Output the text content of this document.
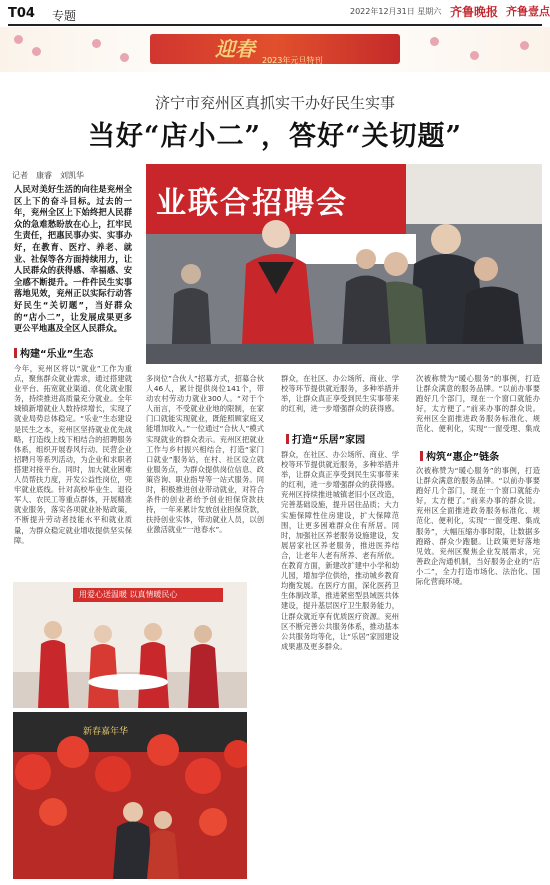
T04 专题	2022年12月31日 星期六 齐鲁晚报 齐鲁壹点
迎春 2023年元旦特刊
济宁市兖州区真抓实干办好民生实事
当好“店小二”，答好“关切题”
记者　康睿　刘凯华
人民对美好生活的向往是兖州全区上下的奋斗目标。过去的一年，兖州全区上下始终把人民群众的急难愁盼放在心上，扛牢民生责任，把惠民事办实、实事办好，在教育、医疗、养老、就业、社保等各方面持续用力，让人民群众的获得感、幸福感、安全感不断提升。一件件民生实事落地见效，兖州正以实际行动答好民生“关切题”，当好群众的“店小二”，让发展成果更多更公平地惠及全区人民群众。
业联合招聘会
构建“乐业”生态
今年，兖州区将以“就业”工作为重点，聚焦群众就业需求，通过搭建就业平台、拓宽就业渠道、优化就业服务，持续推进高质量充分就业。全年城镇新增就业人数持续增长，实现了就业局势总体稳定。“乐业”生态建设是民生之本，兖州区坚持就业优先战略，打造线上线下相结合的招聘服务体系，组织开展春风行动、民营企业招聘月等系列活动，为企业和求职者搭建对接平台。同时，加大就业困难人员帮扶力度，开发公益性岗位，兜牢就业底线。针对高校毕业生、退役军人、农民工等重点群体，开展精准就业服务，落实各项就业补贴政策，不断提升劳动者技能水平和就业质量，为群众稳定就业增收提供坚实保障。
多岗位”合伙人”招募方式，招募合伙人46人，累计提供岗位141个，带动农村劳动力就业300人。“对于个人而言，不受就业业地的限制，在家门口就能实现就业，既能照顾家庭又能增加收入。”一位通过“合伙人”模式实现就业的群众表示。兖州区把就业工作与乡村振兴相结合，打造“家门口就业”服务站，在村、社区设立就业服务点，为群众提供岗位信息、政策咨询、职业指导等一站式服务。同时，积极推进创业带动就业，对符合条件的创业者给予创业担保贷款扶持，一年来累计发放创业担保贷款，扶持创业实体，带动就业人员，以创业激活就业“一池春水”。
群众，在社区、办公场所、商业、学校等环节提供就近服务，多种举措并举，让群众真正享受到民生实事带来的红利，进一步增强群众的获得感。
打造“乐居”家园
群众，在社区、办公场所、商业、学校等环节提供就近服务，多种举措并举，让群众真正享受到民生实事带来的红利，进一步增强群众的获得感。兖州区持续推进城镇老旧小区改造，完善基础设施，提升居住品质；大力实施保障性住房建设，扩大保障范围，让更多困难群众住有所居。同时，加强社区养老服务设施建设，发展居家社区养老服务，推进医养结合，让老年人老有所养、老有所依。在教育方面，新建改扩建中小学和幼儿园，增加学位供给，推动城乡教育均衡发展。在医疗方面，深化医药卫生体制改革，推进紧密型县域医共体建设，提升基层医疗卫生服务能力，让群众就近享有优质医疗资源。兖州区不断完善公共服务体系，推动基本公共服务均等化，让“乐居”家园建设成果惠及更多群众。
次被称赞为“暖心服务”的事例，打造让群众满意的服务品牌。“以前办事要跑好几个部门，现在一个窗口就能办好，太方便了。”前来办事的群众说。兖州区全面推进政务服务标准化、规范化、便利化，实现“一窗受理、集成
构筑“惠企”链条
次被称赞为“暖心服务”的事例，打造让群众满意的服务品牌。“以前办事要跑好几个部门，现在一个窗口就能办好，太方便了。”前来办事的群众说。兖州区全面推进政务服务标准化、规范化、便利化，实现“一窗受理、集成服务”，大幅压缩办事时限，让数据多跑路、群众少跑腿。让政策更好落地见效。兖州区聚焦企业发展需求，完善政企沟通机制，当好服务企业的“店小二”，全力打造市场化、法治化、国际化营商环境。
用爱心送温暖 以真情暖民心
新春嘉年华
